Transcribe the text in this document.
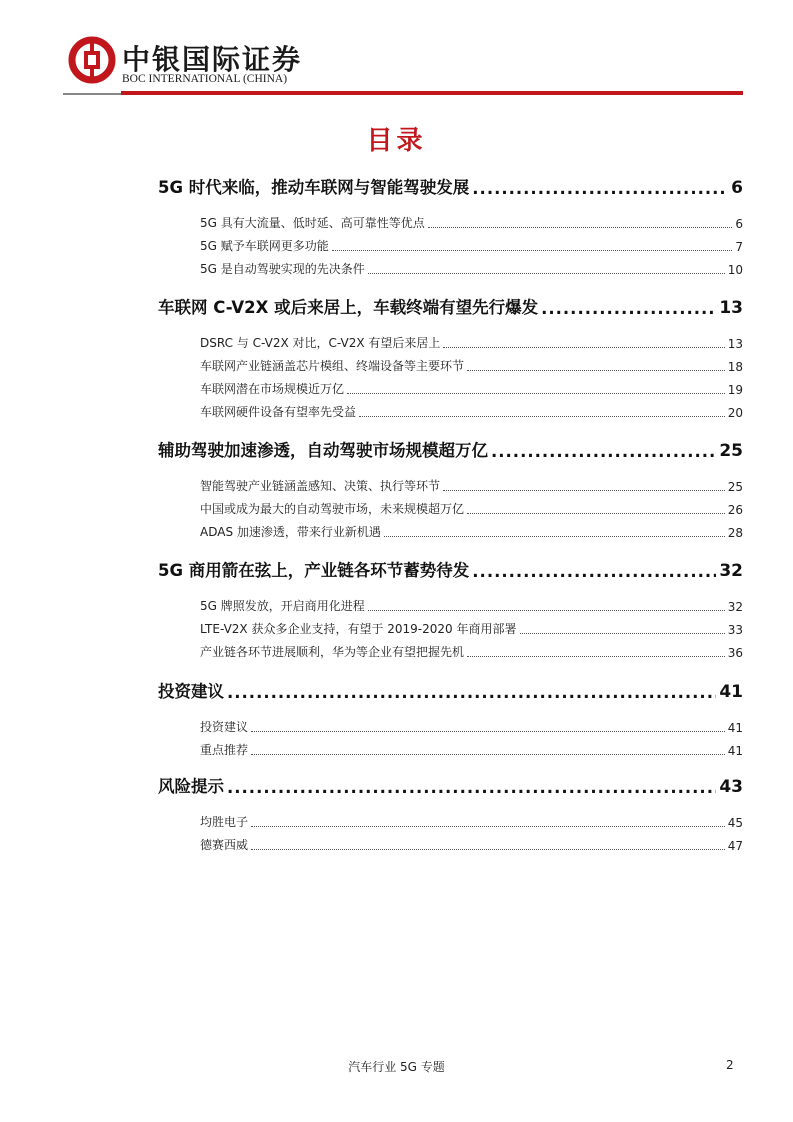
中银国际证券
BOC INTERNATIONAL (CHINA)
目录
5G 时代来临，推动车联网与智能驾驶发展 .....	6
5G 具有大流量、低时延、高可靠性等优点	6
5G 赋予车联网更多功能	7
5G 是自动驾驶实现的先决条件	10
车联网 C-V2X 或后来居上，车载终端有望先行爆发 .....	13
DSRC 与 C-V2X 对比，C-V2X 有望后来居上	13
车联网产业链涵盖芯片模组、终端设备等主要环节	18
车联网潜在市场规模近万亿	19
车联网硬件设备有望率先受益	20
辅助驾驶加速渗透，自动驾驶市场规模超万亿 .....	25
智能驾驶产业链涵盖感知、决策、执行等环节	25
中国或成为最大的自动驾驶市场，未来规模超万亿	26
ADAS 加速渗透，带来行业新机遇	28
5G 商用箭在弦上，产业链各环节蓄势待发 .....	32
5G 牌照发放，开启商用化进程	32
LTE-V2X 获众多企业支持，有望于 2019-2020 年商用部署	33
产业链各环节进展顺利，华为等企业有望把握先机	36
投资建议 .....	41
投资建议	41
重点推荐	41
风险提示 .....	43
均胜电子	45
德赛西威	47
汽车行业 5G 专题	2
